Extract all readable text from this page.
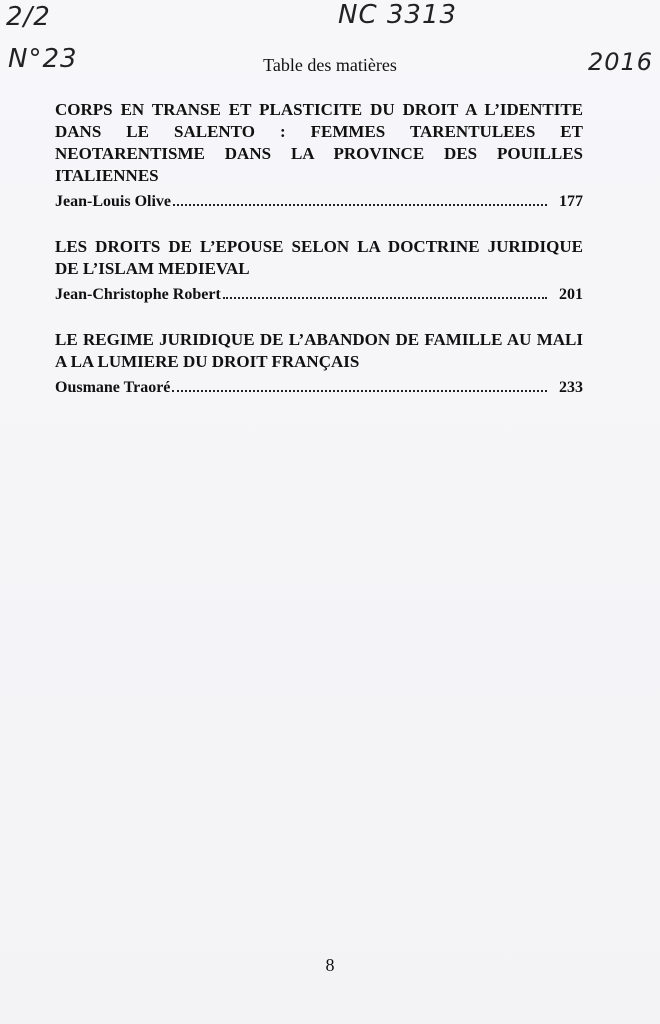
2/2	NC 3313
N°23	2016
Table des matières
CORPS EN TRANSE ET PLASTICITE DU DROIT A L’IDENTITE DANS LE SALENTO : FEMMES TARENTULEES ET NEOTARENTISME DANS LA PROVINCE DES POUILLES ITALIENNES
Jean-Louis Olive	177
LES DROITS DE L’EPOUSE SELON LA DOCTRINE JURIDIQUE DE L’ISLAM MEDIEVAL
Jean-Christophe Robert	201
LE REGIME JURIDIQUE DE L’ABANDON DE FAMILLE AU MALI A LA LUMIERE DU DROIT FRANÇAIS
Ousmane Traoré	233
8
